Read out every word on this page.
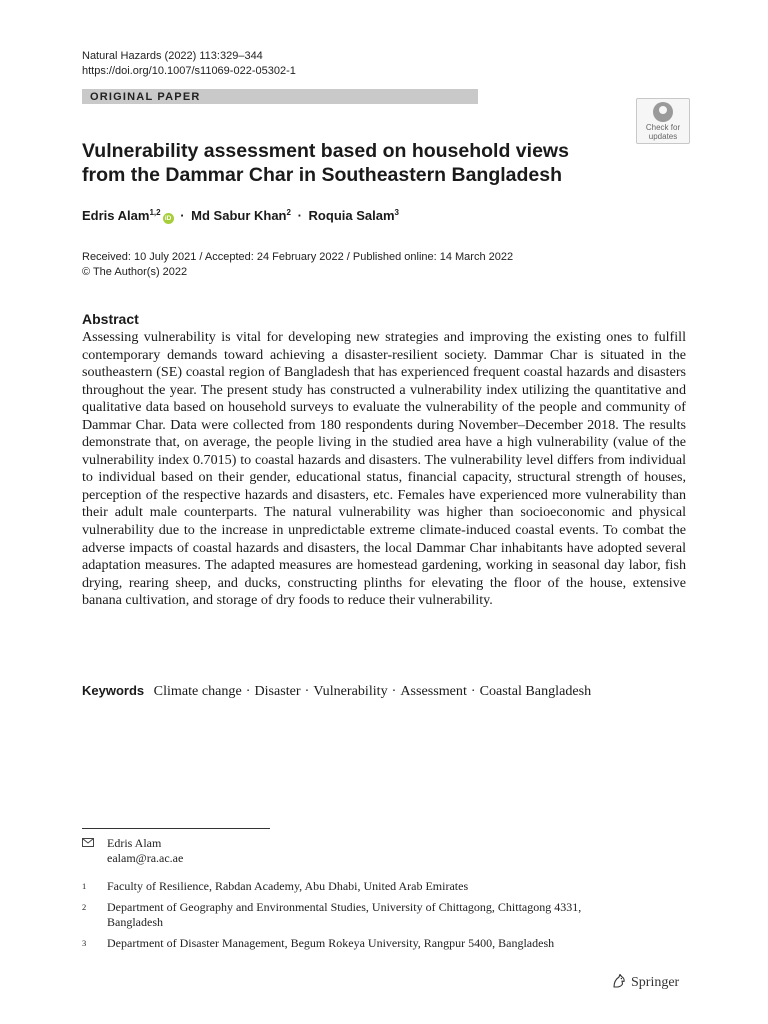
Natural Hazards (2022) 113:329–344
https://doi.org/10.1007/s11069-022-05302-1
ORIGINAL PAPER
Check for updates
Vulnerability assessment based on household views
from the Dammar Char in Southeastern Bangladesh
Edris Alam$^{1,2}$iD · Md Sabur Khan$^2$ · Roquia Salam$^3$
Received: 10 July 2021 / Accepted: 24 February 2022 / Published online: 14 March 2022
© The Author(s) 2022
Abstract

Assessing vulnerability is vital for developing new strategies and improving the existing ones to fulfill contemporary demands toward achieving a disaster-resilient society. Dammar Char is situated in the southeastern (SE) coastal region of Bangladesh that has experienced frequent coastal hazards and disasters throughout the year. The present study has constructed a vulnerability index utilizing the quantitative and qualitative data based on household surveys to evaluate the vulnerability of the people and community of Dammar Char. Data were collected from 180 respondents during November–December 2018. The results demonstrate that, on average, the people living in the studied area have a high vulnerability (value of the vulnerability index 0.7015) to coastal hazards and disasters. The vulnerability level differs from individual to individual based on their gender, educational status, financial capacity, structural strength of houses, perception of the respective hazards and disasters, etc. Females have experienced more vulnerability than their adult male counterparts. The natural vulnerability was higher than socioeconomic and physical vulnerability due to the increase in unpredictable extreme climate-induced coastal events. To combat the adverse impacts of coastal hazards and disasters, the local Dammar Char inhabitants have adopted several adaptation measures. The adapted measures are homestead gardening, working in seasonal day labor, fish drying, rearing sheep, and ducks, constructing plinths for elevating the floor of the house, extensive banana cultivation, and storage of dry foods to reduce their vulnerability.

Keywords Climate change · Disaster · Vulnerability · Assessment · Coastal Bangladesh
Edris Alam
ealam@ra.ac.ae
1 Faculty of Resilience, Rabdan Academy, Abu Dhabi, United Arab Emirates
2 Department of Geography and Environmental Studies, University of Chittagong, Chittagong 4331,
Bangladesh
3 Department of Disaster Management, Begum Rokeya University, Rangpur 5400, Bangladesh
Springer
